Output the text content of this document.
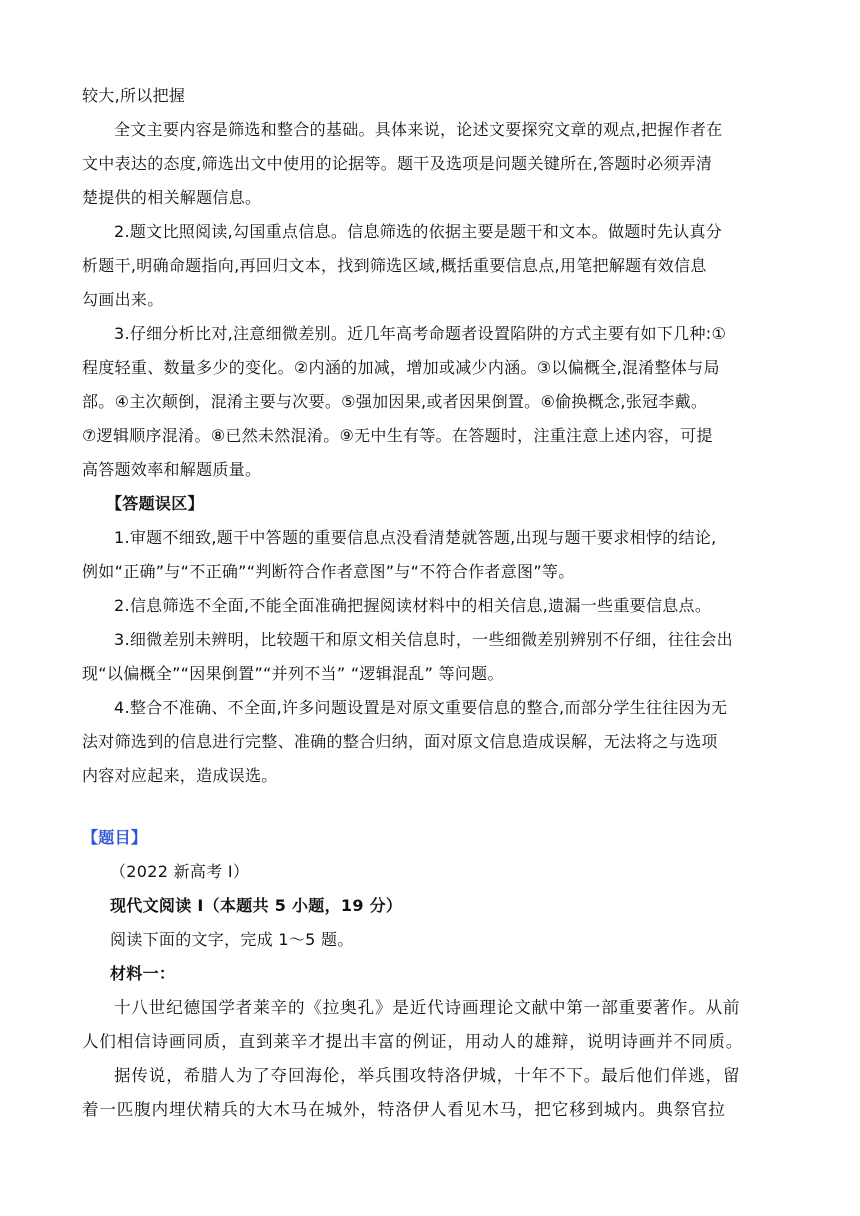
较大,所以把握
全文主要内容是筛选和整合的基础。具体来说，论述文要探究文章的观点,把握作者在
文中表达的态度,筛选出文中使用的论据等。题干及选项是问题关键所在,答题时必须弄清
楚提供的相关解题信息。
2.题文比照阅读,勾国重点信息。信息筛选的依据主要是题干和文本。做题时先认真分
析题干,明确命题指向,再回归文本，找到筛选区域,概括重要信息点,用笔把解题有效信息
勾画出来。
3.仔细分析比对,注意细微差别。近几年高考命题者设置陷阱的方式主要有如下几种:①
程度轻重、数量多少的变化。②内涵的加减，增加或减少内涵。③以偏概全,混淆整体与局
部。④主次颠倒，混淆主要与次要。⑤强加因果,或者因果倒置。⑥偷换概念,张冠李戴。
⑦逻辑顺序混淆。⑧已然未然混淆。⑨无中生有等。在答题时，注重注意上述内容，可提
高答题效率和解题质量。
【答题误区】
1.审题不细致,题干中答题的重要信息点没看清楚就答题,出现与题干要求相悖的结论,
例如“正确”与“不正确”“判断符合作者意图”与“不符合作者意图”等。
2.信息筛选不全面,不能全面准确把握阅读材料中的相关信息,遗漏一些重要信息点。
3.细微差别未辨明，比较题干和原文相关信息时，一些细微差别辨别不仔细，往往会出
现“以偏概全”“因果倒置”“并列不当” “逻辑混乱” 等问题。
4.整合不准确、不全面,许多问题设置是对原文重要信息的整合,而部分学生往往因为无
法对筛选到的信息进行完整、准确的整合归纳，面对原文信息造成误解，无法将之与选项
内容对应起来，造成误选。
【题目】
（2022 新高考 I）
现代文阅读 I（本题共 5 小题，19 分）
阅读下面的文字，完成 1～5 题。
材料一：
十八世纪德国学者莱辛的《拉奥孔》是近代诗画理论文献中第一部重要著作。从前
人们相信诗画同质，直到莱辛才提出丰富的例证，用动人的雄辩，说明诗画并不同质。
据传说，希腊人为了夺回海伦，举兵围攻特洛伊城，十年不下。最后他们佯逃，留
着一匹腹内埋伏精兵的大木马在城外，特洛伊人看见木马，把它移到城内。典祭官拉
